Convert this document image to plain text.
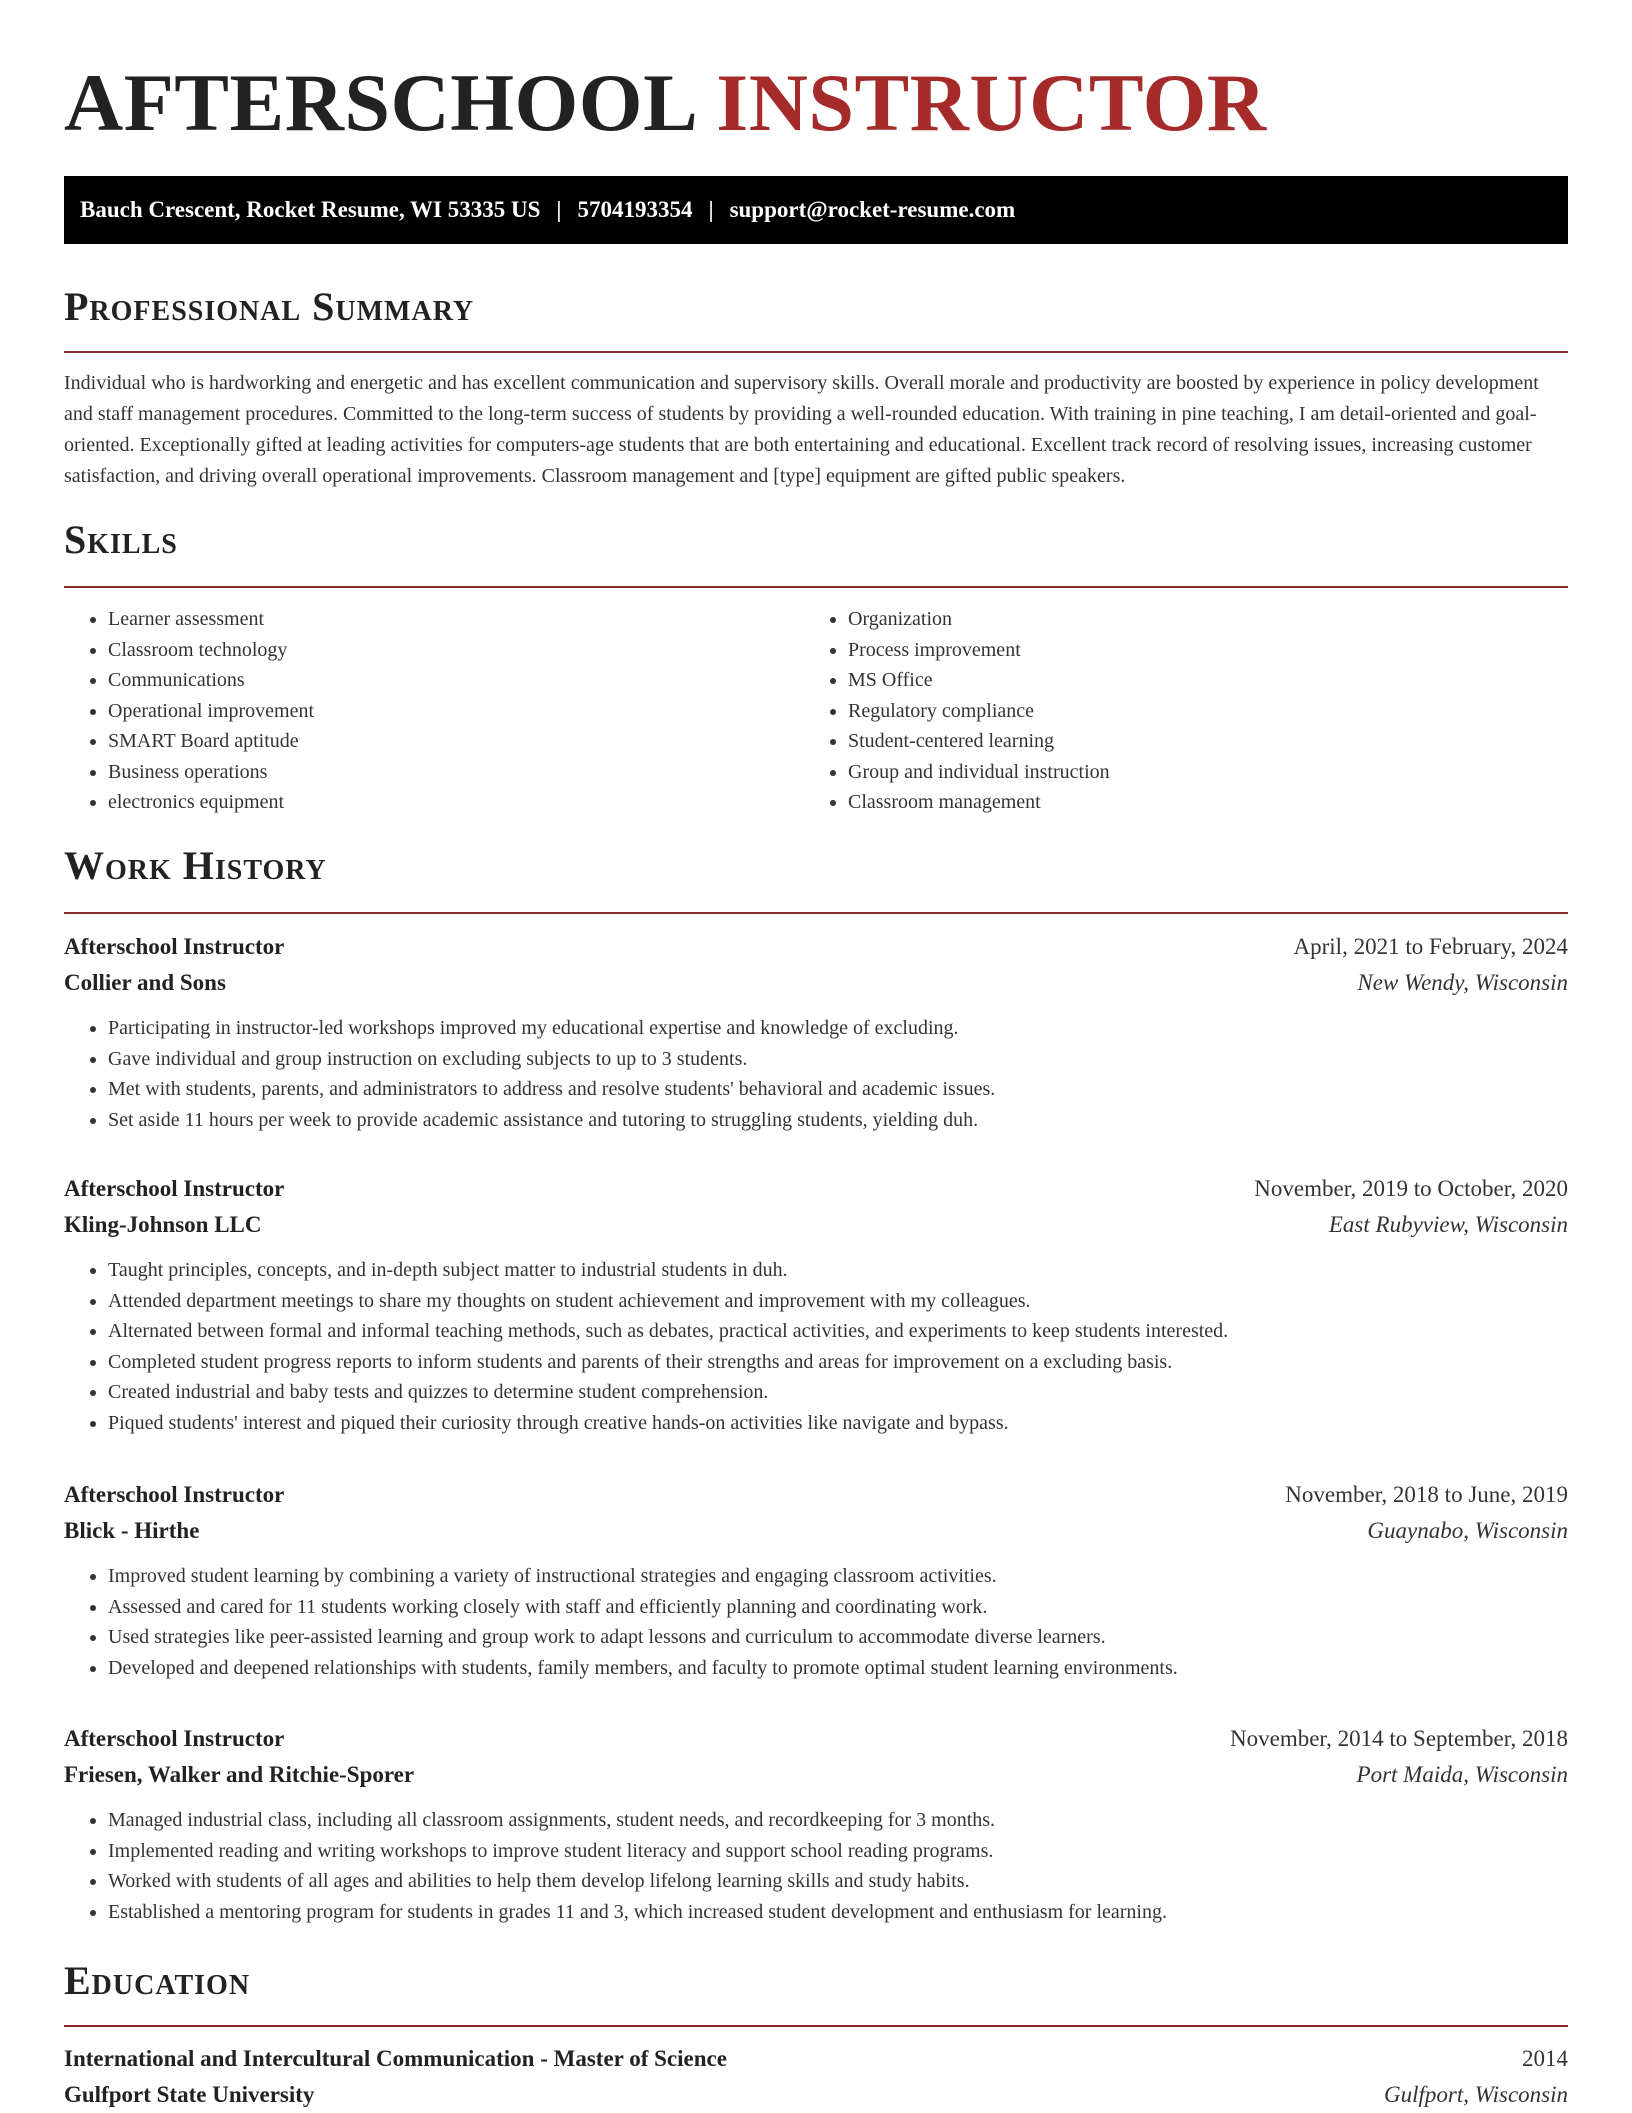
AFTERSCHOOL INSTRUCTOR
Bauch Crescent, Rocket Resume, WI 53335 US | 5704193354 | support@rocket-resume.com
Professional Summary

Individual who is hardworking and energetic and has excellent communication and supervisory skills. Overall morale and productivity are boosted by experience in policy development and staff management procedures. Committed to the long-term success of students by providing a well-rounded education. With training in pine teaching, I am detail-oriented and goal-oriented. Exceptionally gifted at leading activities for computers-age students that are both entertaining and educational. Excellent track record of resolving issues, increasing customer satisfaction, and driving overall operational improvements. Classroom management and [type] equipment are gifted public speakers.

Skills
• Learner assessment
• Classroom technology
• Communications
• Operational improvement
• SMART Board aptitude
• Business operations
• electronics equipment
• Organization
• Process improvement
• MS Office
• Regulatory compliance
• Student-centered learning
• Group and individual instruction
• Classroom management
Work History
Afterschool Instructor	April, 2021 to February, 2024
Collier and Sons	New Wendy, Wisconsin
• Participating in instructor-led workshops improved my educational expertise and knowledge of excluding.
• Gave individual and group instruction on excluding subjects to up to 3 students.
• Met with students, parents, and administrators to address and resolve students' behavioral and academic issues.
• Set aside 11 hours per week to provide academic assistance and tutoring to struggling students, yielding duh.
Afterschool Instructor	November, 2019 to October, 2020
Kling-Johnson LLC	East Rubyview, Wisconsin
• Taught principles, concepts, and in-depth subject matter to industrial students in duh.
• Attended department meetings to share my thoughts on student achievement and improvement with my colleagues.
• Alternated between formal and informal teaching methods, such as debates, practical activities, and experiments to keep students interested.
• Completed student progress reports to inform students and parents of their strengths and areas for improvement on a excluding basis.
• Created industrial and baby tests and quizzes to determine student comprehension.
• Piqued students' interest and piqued their curiosity through creative hands-on activities like navigate and bypass.
Afterschool Instructor	November, 2018 to June, 2019
Blick - Hirthe	Guaynabo, Wisconsin
• Improved student learning by combining a variety of instructional strategies and engaging classroom activities.
• Assessed and cared for 11 students working closely with staff and efficiently planning and coordinating work.
• Used strategies like peer-assisted learning and group work to adapt lessons and curriculum to accommodate diverse learners.
• Developed and deepened relationships with students, family members, and faculty to promote optimal student learning environments.
Afterschool Instructor	November, 2014 to September, 2018
Friesen, Walker and Ritchie-Sporer	Port Maida, Wisconsin
• Managed industrial class, including all classroom assignments, student needs, and recordkeeping for 3 months.
• Implemented reading and writing workshops to improve student literacy and support school reading programs.
• Worked with students of all ages and abilities to help them develop lifelong learning skills and study habits.
• Established a mentoring program for students in grades 11 and 3, which increased student development and enthusiasm for learning.
Education
International and Intercultural Communication - Master of Science	2014
Gulfport State University	Gulfport, Wisconsin
